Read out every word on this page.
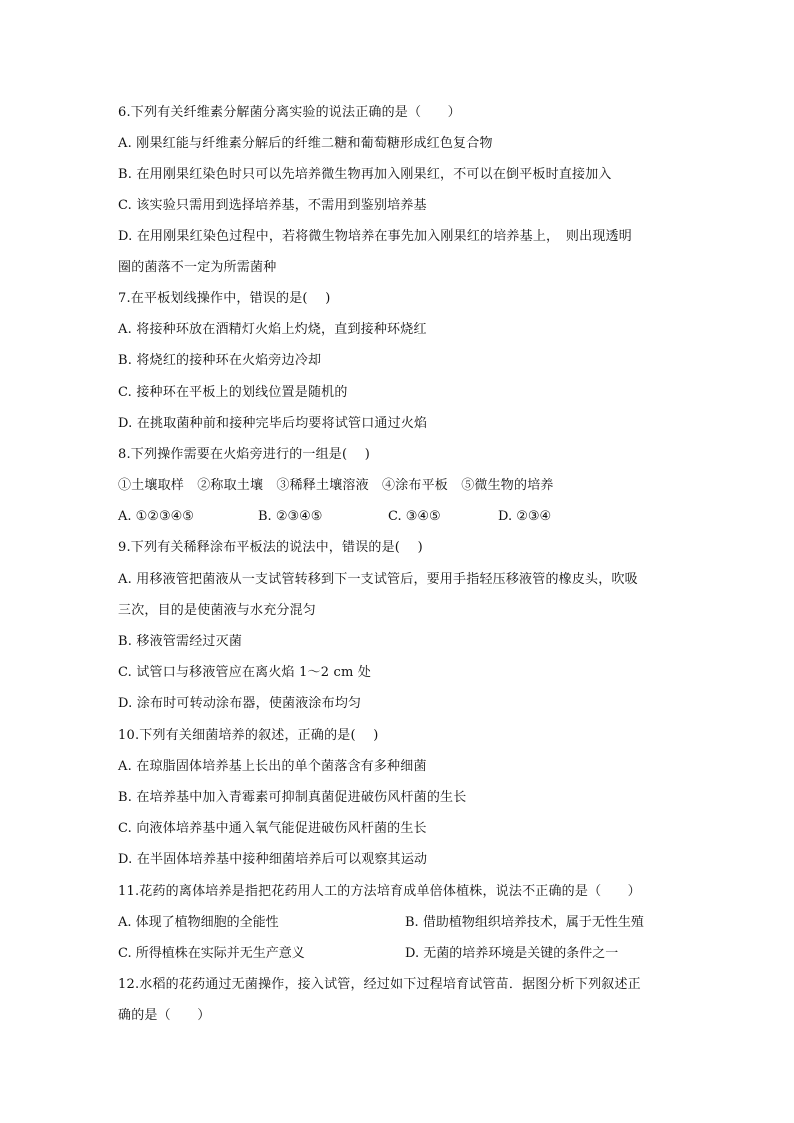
6.下列有关纤维素分解菌分离实验的说法正确的是（　　）
A. 刚果红能与纤维素分解后的纤维二糖和葡萄糖形成红色复合物
B. 在用刚果红染色时只可以先培养微生物再加入刚果红，不可以在倒平板时直接加入
C. 该实验只需用到选择培养基，不需用到鉴别培养基
D. 在用刚果红染色过程中，若将微生物培养在事先加入刚果红的培养基上，　则出现透明
圈的菌落不一定为所需菌种
7.在平板划线操作中，错误的是(　 )
A. 将接种环放在酒精灯火焰上灼烧，直到接种环烧红
B. 将烧红的接种环在火焰旁边冷却
C. 接种环在平板上的划线位置是随机的
D. 在挑取菌种前和接种完毕后均要将试管口通过火焰
8.下列操作需要在火焰旁进行的一组是(　 )
①土壤取样　②称取土壤　③稀释土壤溶液　④涂布平板　⑤微生物的培养
A. ①②③④⑤	B. ②③④⑤	C. ③④⑤	D. ②③④
9.下列有关稀释涂布平板法的说法中，错误的是(　 )
A. 用移液管把菌液从一支试管转移到下一支试管后，要用手指轻压移液管的橡皮头，吹吸
三次，目的是使菌液与水充分混匀
B. 移液管需经过灭菌
C. 试管口与移液管应在离火焰 1～2 cm 处
D. 涂布时可转动涂布器，使菌液涂布均匀
10.下列有关细菌培养的叙述，正确的是(　 )
A. 在琼脂固体培养基上长出的单个菌落含有多种细菌
B. 在培养基中加入青霉素可抑制真菌促进破伤风杆菌的生长
C. 向液体培养基中通入氧气能促进破伤风杆菌的生长
D. 在半固体培养基中接种细菌培养后可以观察其运动
11.花药的离体培养是指把花药用人工的方法培育成单倍体植株，说法不正确的是（　　）
A. 体现了植物细胞的全能性	B. 借助植物组织培养技术，属于无性生殖
C. 所得植株在实际并无生产意义	D. 无菌的培养环境是关键的条件之一
12.水稻的花药通过无菌操作，接入试管，经过如下过程培育试管苗．据图分析下列叙述正
确的是（　　）
